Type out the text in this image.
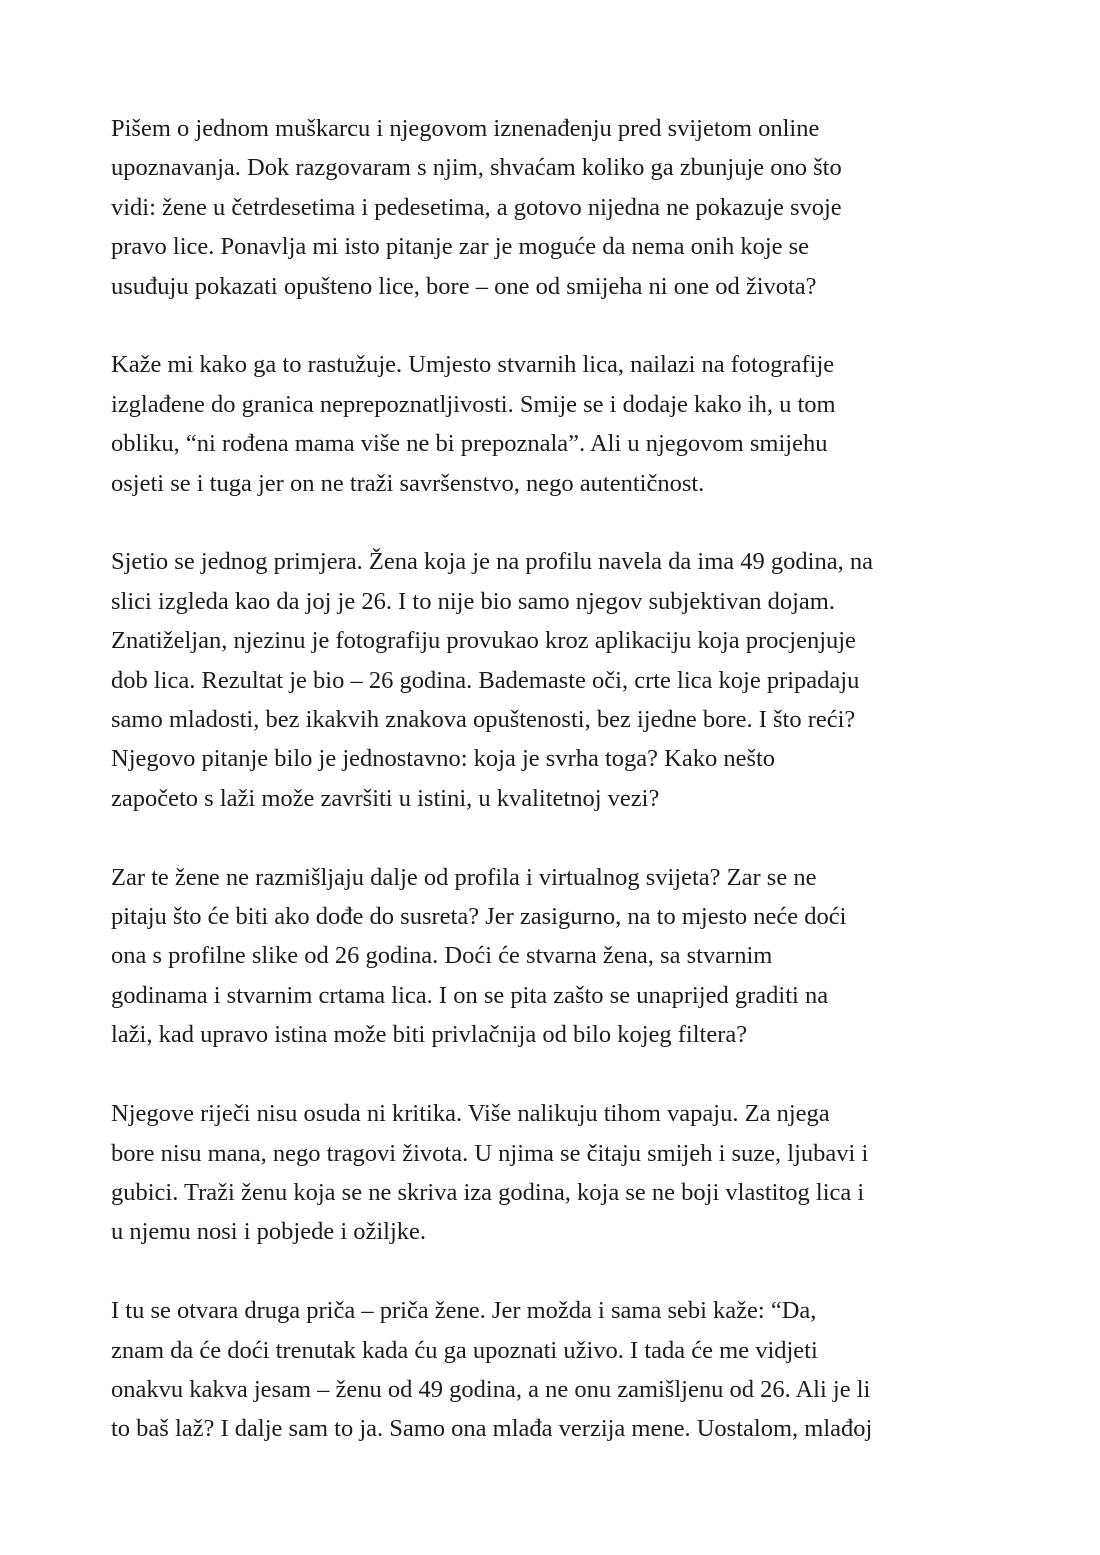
Pišem o jednom muškarcu i njegovom iznenađenju pred svijetom online
upoznavanja. Dok razgovaram s njim, shvaćam koliko ga zbunjuje ono što
vidi: žene u četrdesetima i pedesetima, a gotovo nijedna ne pokazuje svoje
pravo lice. Ponavlja mi isto pitanje zar je moguće da nema onih koje se
usuđuju pokazati opušteno lice, bore – one od smijeha ni one od života?

Kaže mi kako ga to rastužuje. Umjesto stvarnih lica, nailazi na fotografije
izglađene do granica neprepoznatljivosti. Smije se i dodaje kako ih, u tom
obliku, “ni rođena mama više ne bi prepoznala”. Ali u njegovom smijehu
osjeti se i tuga jer on ne traži savršenstvo, nego autentičnost.

Sjetio se jednog primjera. Žena koja je na profilu navela da ima 49 godina, na
slici izgleda kao da joj je 26. I to nije bio samo njegov subjektivan dojam.
Znatiželjan, njezinu je fotografiju provukao kroz aplikaciju koja procjenjuje
dob lica. Rezultat je bio – 26 godina. Bademaste oči, crte lica koje pripadaju
samo mladosti, bez ikakvih znakova opuštenosti, bez ijedne bore. I što reći?
Njegovo pitanje bilo je jednostavno: koja je svrha toga? Kako nešto
započeto s laži može završiti u istini, u kvalitetnoj vezi?

Zar te žene ne razmišljaju dalje od profila i virtualnog svijeta? Zar se ne
pitaju što će biti ako dođe do susreta? Jer zasigurno, na to mjesto neće doći
ona s profilne slike od 26 godina. Doći će stvarna žena, sa stvarnim
godinama i stvarnim crtama lica. I on se pita zašto se unaprijed graditi na
laži, kad upravo istina može biti privlačnija od bilo kojeg filtera?

Njegove riječi nisu osuda ni kritika. Više nalikuju tihom vapaju. Za njega
bore nisu mana, nego tragovi života. U njima se čitaju smijeh i suze, ljubavi i
gubici. Traži ženu koja se ne skriva iza godina, koja se ne boji vlastitog lica i
u njemu nosi i pobjede i ožiljke.

I tu se otvara druga priča – priča žene. Jer možda i sama sebi kaže: “Da,
znam da će doći trenutak kada ću ga upoznati uživo. I tada će me vidjeti
onakvu kakva jesam – ženu od 49 godina, a ne onu zamišljenu od 26. Ali je li
to baš laž? I dalje sam to ja. Samo ona mlađa verzija mene. Uostalom, mlađoj
